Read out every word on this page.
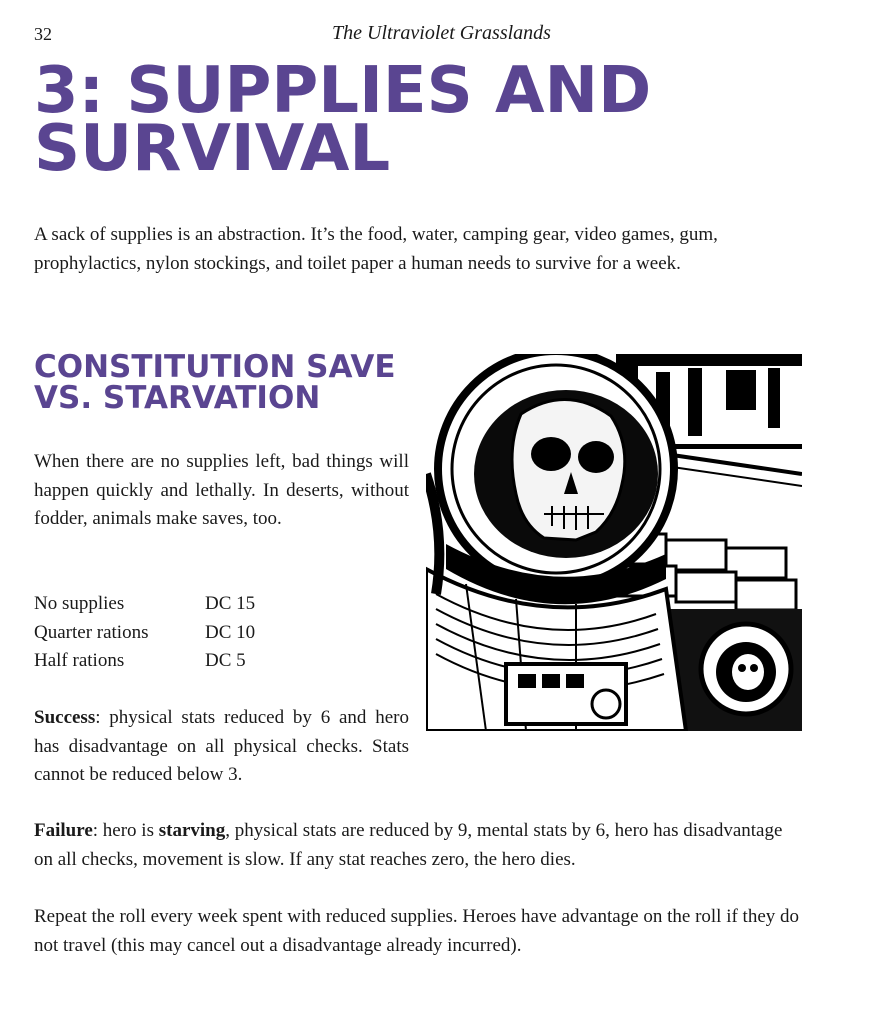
32	The Ultraviolet Grasslands
3: SUPPLIES AND SURVIVAL

A sack of supplies is an abstraction. It’s the food, water, camping gear, video games, gum, prophylactics, nylon stockings, and toilet paper a human needs to survive for a week.

CONSTITUTION SAVE VS. STARVATION

When there are no supplies left, bad things will happen quickly and lethally. In deserts, without fodder, animals make saves, too.

No supplies	DC 15
Quarter rations	DC 10
Half rations	DC 5

Success: physical stats reduced by 6 and hero has disadvantage on all physical checks. Stats cannot be reduced below 3.

Failure: hero is starving, physical stats are reduced by 9, mental stats by 6, hero has disadvantage on all checks, movement is slow. If any stat reaches zero, the hero dies.

Repeat the roll every week spent with reduced supplies. Heroes have advantage on the roll if they do not travel (this may cancel out a disadvantage already incurred).
